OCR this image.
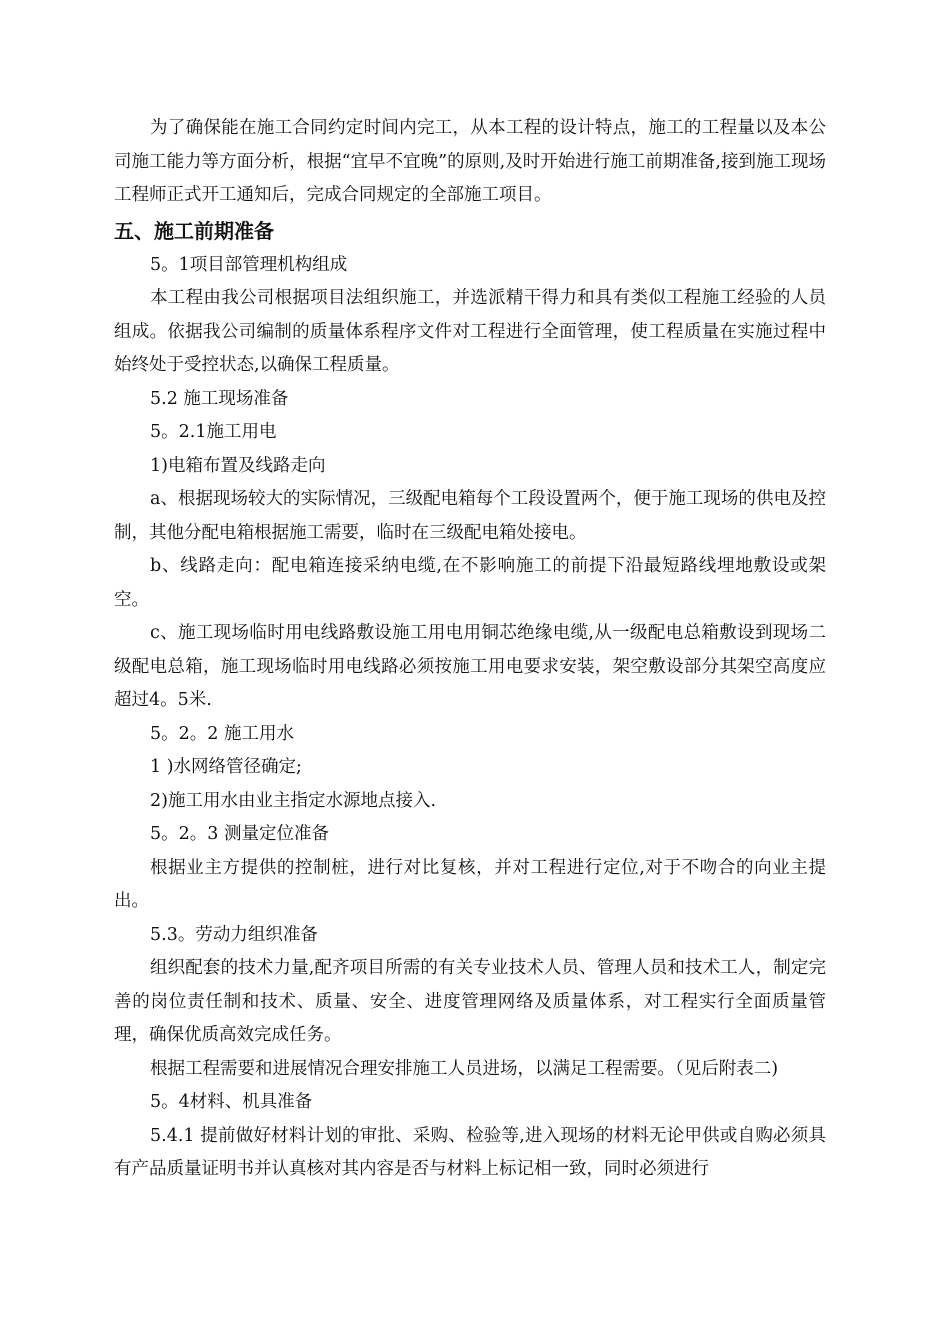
为了确保能在施工合同约定时间内完工，从本工程的设计特点，施工的工程量以及本公司施工能力等方面分析，根据“宜早不宜晚”的原则,及时开始进行施工前期准备,接到施工现场工程师正式开工通知后，完成合同规定的全部施工项目。

五、施工前期准备

5。1项目部管理机构组成

本工程由我公司根据项目法组织施工，并选派精干得力和具有类似工程施工经验的人员组成。依据我公司编制的质量体系程序文件对工程进行全面管理，使工程质量在实施过程中始终处于受控状态,以确保工程质量。

5.2 施工现场准备

5。2.1施工用电

1)电箱布置及线路走向

a、根据现场较大的实际情况，三级配电箱每个工段设置两个，便于施工现场的供电及控制，其他分配电箱根据施工需要，临时在三级配电箱处接电。

b、线路走向：配电箱连接采纳电缆,在不影响施工的前提下沿最短路线埋地敷设或架空。

c、施工现场临时用电线路敷设施工用电用铜芯绝缘电缆,从一级配电总箱敷设到现场二级配电总箱，施工现场临时用电线路必须按施工用电要求安装，架空敷设部分其架空高度应超过4。5米.

5。2。2 施工用水

1 )水网络管径确定;

2)施工用水由业主指定水源地点接入.

5。2。3 测量定位准备

根据业主方提供的控制桩，进行对比复核，并对工程进行定位,对于不吻合的向业主提出。

5.3。劳动力组织准备

组织配套的技术力量,配齐项目所需的有关专业技术人员、管理人员和技术工人，制定完善的岗位责任制和技术、质量、安全、进度管理网络及质量体系，对工程实行全面质量管理，确保优质高效完成任务。

根据工程需要和进展情况合理安排施工人员进场，以满足工程需要。（见后附表二)

5。4材料、机具准备

5.4.1 提前做好材料计划的审批、采购、检验等,进入现场的材料无论甲供或自购必须具有产品质量证明书并认真核对其内容是否与材料上标记相一致，同时必须进行
